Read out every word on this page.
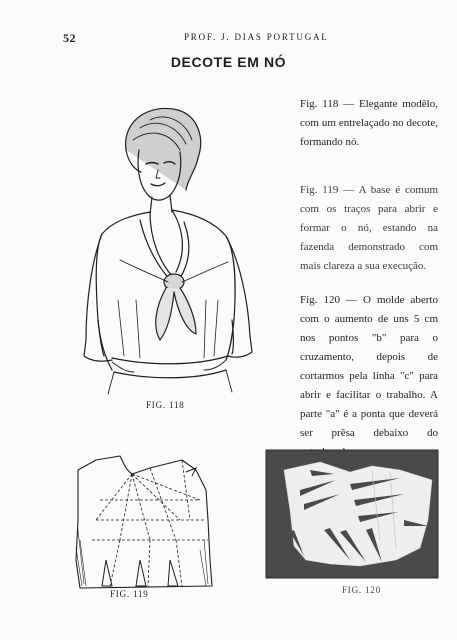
52	PROF. J. DIAS PORTUGAL
DECOTE EM NÓ
FIG. 118
Fig. 118 — Elegante modêlo, com um entrelaçado no decote, formando nó.
Fig. 119 — A base é comum com os traços para abrir e formar o nó, estando na fazenda demonstrado com mais clareza a sua execução.
Fig. 120 — O molde aberto com o aumento de uns 5 cm nos pontos "b" para o cruzamento, depois de cortarmos pela linha "c" para abrir e facilitar o trabalho. A parte "a" é a ponta que deverá ser prêsa debaixo do
FIG. 119	FIG. 120
